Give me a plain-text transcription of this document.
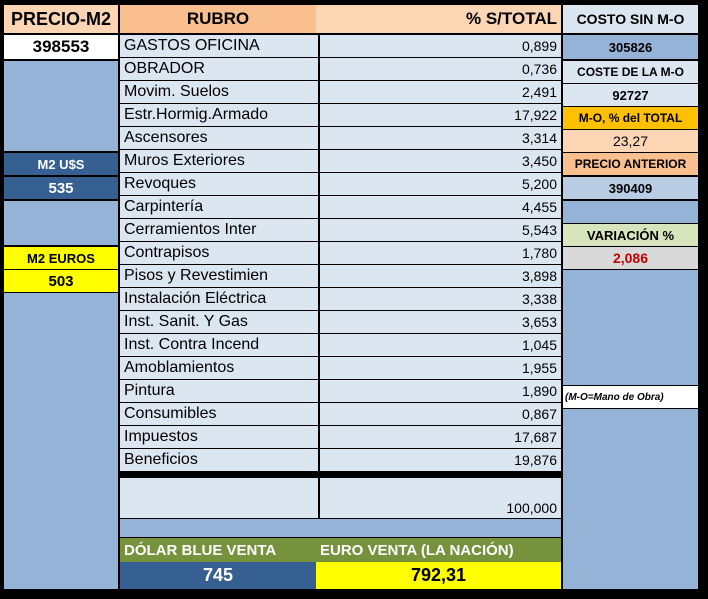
PRECIO-M2
398553
M2 U$S
535
M2 EUROS
503
RUBRO	% S/TOTAL
GASTOS OFICINA	0,899
OBRADOR	0,736
Movim. Suelos	2,491
Estr.Hormig.Armado	17,922
Ascensores	3,314
Muros Exteriores	3,450
Revoques	5,200
Carpintería	4,455
Cerramientos Inter	5,543
Contrapisos	1,780
Pisos y Revestimien	3,898
Instalación Eléctrica	3,338
Inst. Sanit. Y Gas	3,653
Inst. Contra Incend	1,045
Amoblamientos	1,955
Pintura	1,890
Consumibles	0,867
Impuestos	17,687
Beneficios	19,876
100,000
DÓLAR BLUE VENTA	EURO VENTA (LA NACIÓN)
745	792,31
COSTO SIN M-O
305826
COSTE DE LA M-O
92727
M-O, % del TOTAL
23,27
PRECIO ANTERIOR
390409
VARIACIÓN %
2,086
(M-O=Mano de Obra)
